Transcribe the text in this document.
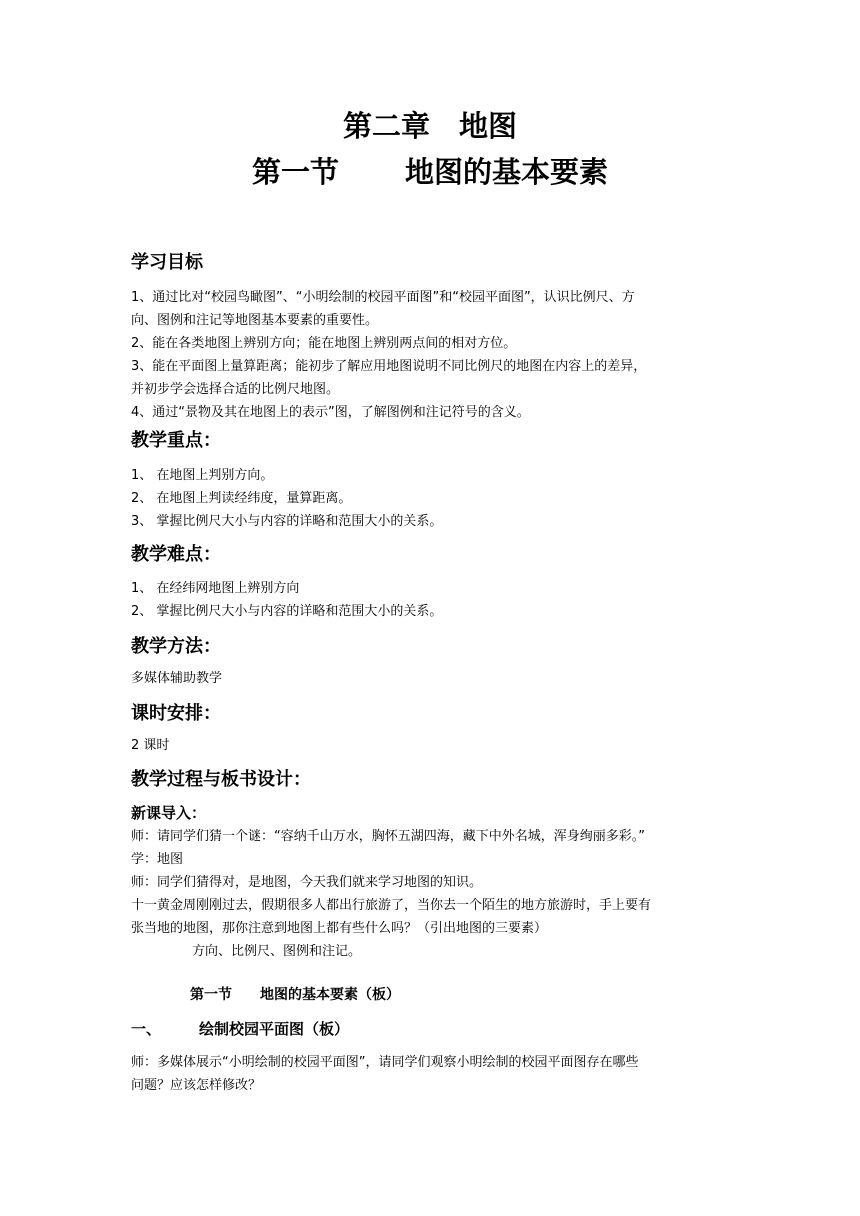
第二章　地图
第一节 地图的基本要素
学习目标
1、通过比对“校园鸟瞰图”、“小明绘制的校园平面图”和“校园平面图”，认识比例尺、方
向、图例和注记等地图基本要素的重要性。
2、能在各类地图上辨别方向；能在地图上辨别两点间的相对方位。
3、能在平面图上量算距离；能初步了解应用地图说明不同比例尺的地图在内容上的差异，
并初步学会选择合适的比例尺地图。
4、通过“景物及其在地图上的表示”图，了解图例和注记符号的含义。
教学重点：
1、 在地图上判别方向。
2、 在地图上判读经纬度，量算距离。
3、 掌握比例尺大小与内容的详略和范围大小的关系。
教学难点：
1、 在经纬网地图上辨别方向
2、 掌握比例尺大小与内容的详略和范围大小的关系。
教学方法：
多媒体辅助教学
课时安排：
2 课时
教学过程与板书设计：
新课导入：
师：请同学们猜一个谜：“容纳千山万水，胸怀五湖四海，藏下中外名城，浑身绚丽多彩。”
学：地图
师：同学们猜得对，是地图，今天我们就来学习地图的知识。
十一黄金周刚刚过去，假期很多人都出行旅游了，当你去一个陌生的地方旅游时，手上要有
张当地的地图，那你注意到地图上都有些什么吗？（引出地图的三要素）
方向、比例尺、图例和注记。
第一节 地图的基本要素（板）
一、	绘制校园平面图（板）
师：多媒体展示“小明绘制的校园平面图”，请同学们观察小明绘制的校园平面图存在哪些
问题？应该怎样修改？
